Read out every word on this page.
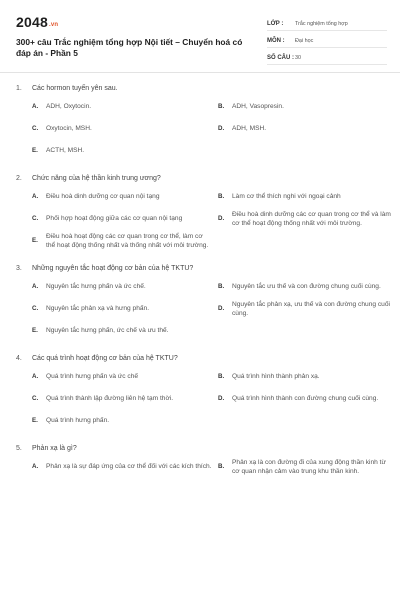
2048.vn
300+ câu Trắc nghiệm tổng hợp Nội tiết – Chuyển hoá có đáp án - Phần 5
LỚP :	Trắc nghiệm tổng hợp
MÔN :	Đại học
SỐ CÂU : 30
1.	Các hormon tuyến yên sau.
A.	ADH, Oxytocin.	B.	ADH, Vasopresin.
C.	Oxytocin, MSH.	D.	ADH, MSH.
E.	ACTH, MSH.
2.	Chức năng của hệ thần kinh trung ương?
A.	Điều hoà dinh dưỡng cơ quan nội tạng	B.	Làm cơ thể thích nghi với ngoại cảnh
C.	Phối hợp hoạt động giữa các cơ quan nội tạng	D.
Điều hoà dinh dưỡng các cơ quan trong cơ thể và làm cơ thể hoạt động thống nhất với môi trường.
E.
Điều hoà hoạt động các cơ quan trong cơ thể, làm cơ thể hoạt động thống nhất và thống nhất với môi trường.
3.	Những nguyên tắc hoạt động cơ bản của hệ TKTU?
A.	Nguyên tắc hưng phấn và ức chế.	B.	Nguyên tắc ưu thế và con đường chung cuối cùng.
C.	Nguyên tắc phản xạ và hưng phấn.	D.
Nguyên tắc phản xạ, ưu thế và con đường chung cuối cùng.
E.	Nguyên tắc hưng phấn, ức chế và ưu thế.
4.	Các quá trình hoạt động cơ bản của hệ TKTU?
A.	Quá trình hưng phấn và ức chế	B.	Quá trình hình thành phản xạ.
C.	Quá trình thành lập đường liên hệ tạm thời.	D.	Quá trình hình thành con đường chung cuối cùng.
E.	Quá trình hưng phấn.
5.	Phản xạ là gì?
A.	Phản xạ là sự đáp ứng của cơ thể đối với các kích thích. B.
Phản xạ là con đường đi của xung động thần kinh từ cơ quan nhận cảm vào trung khu thần kinh.
